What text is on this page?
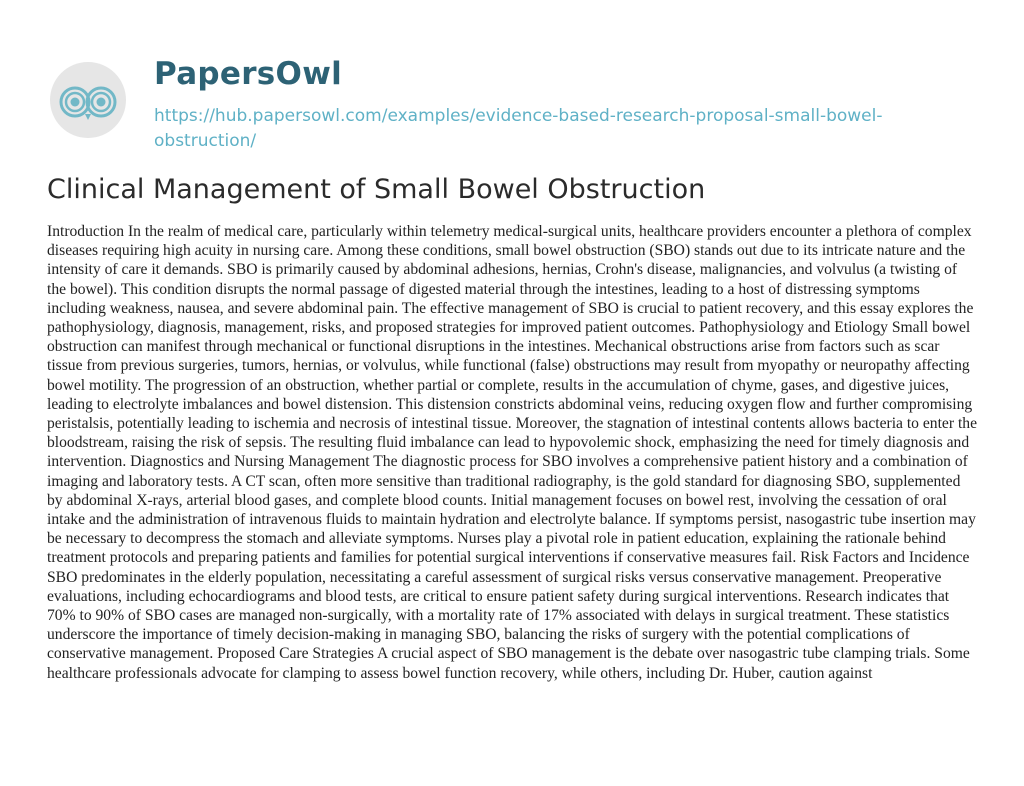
PapersOwl
https://hub.papersowl.com/examples/evidence-based-research-proposal-small-bowel-
obstruction/
Clinical Management of Small Bowel Obstruction

Introduction In the realm of medical care, particularly within telemetry medical-surgical units, healthcare providers encounter a plethora of complex diseases requiring high acuity in nursing care. Among these conditions, small bowel obstruction (SBO) stands out due to its intricate nature and the intensity of care it demands. SBO is primarily caused by abdominal adhesions, hernias, Crohn's disease, malignancies, and volvulus (a twisting of the bowel). This condition disrupts the normal passage of digested material through the intestines, leading to a host of distressing symptoms including weakness, nausea, and severe abdominal pain. The effective management of SBO is crucial to patient recovery, and this essay explores the pathophysiology, diagnosis, management, risks, and proposed strategies for improved patient outcomes. Pathophysiology and Etiology Small bowel obstruction can manifest through mechanical or functional disruptions in the intestines. Mechanical obstructions arise from factors such as scar tissue from previous surgeries, tumors, hernias, or volvulus, while functional (false) obstructions may result from myopathy or neuropathy affecting bowel motility. The progression of an obstruction, whether partial or complete, results in the accumulation of chyme, gases, and digestive juices, leading to electrolyte imbalances and bowel distension. This distension constricts abdominal veins, reducing oxygen flow and further compromising peristalsis, potentially leading to ischemia and necrosis of intestinal tissue. Moreover, the stagnation of intestinal contents allows bacteria to enter the bloodstream, raising the risk of sepsis. The resulting fluid imbalance can lead to hypovolemic shock, emphasizing the need for timely diagnosis and intervention. Diagnostics and Nursing Management The diagnostic process for SBO involves a comprehensive patient history and a combination of imaging and laboratory tests. A CT scan, often more sensitive than traditional radiography, is the gold standard for diagnosing SBO, supplemented by abdominal X-rays, arterial blood gases, and complete blood counts. Initial management focuses on bowel rest, involving the cessation of oral intake and the administration of intravenous fluids to maintain hydration and electrolyte balance. If symptoms persist, nasogastric tube insertion may be necessary to decompress the stomach and alleviate symptoms. Nurses play a pivotal role in patient education, explaining the rationale behind treatment protocols and preparing patients and families for potential surgical interventions if conservative measures fail. Risk Factors and Incidence SBO predominates in the elderly population, necessitating a careful assessment of surgical risks versus conservative management. Preoperative evaluations, including echocardiograms and blood tests, are critical to ensure patient safety during surgical interventions. Research indicates that 70% to 90% of SBO cases are managed non-surgically, with a mortality rate of 17% associated with delays in surgical treatment. These statistics underscore the importance of timely decision-making in managing SBO, balancing the risks of surgery with the potential complications of conservative management. Proposed Care Strategies A crucial aspect of SBO management is the debate over nasogastric tube clamping trials. Some healthcare professionals advocate for clamping to assess bowel function recovery, while others, including Dr. Huber, caution against
